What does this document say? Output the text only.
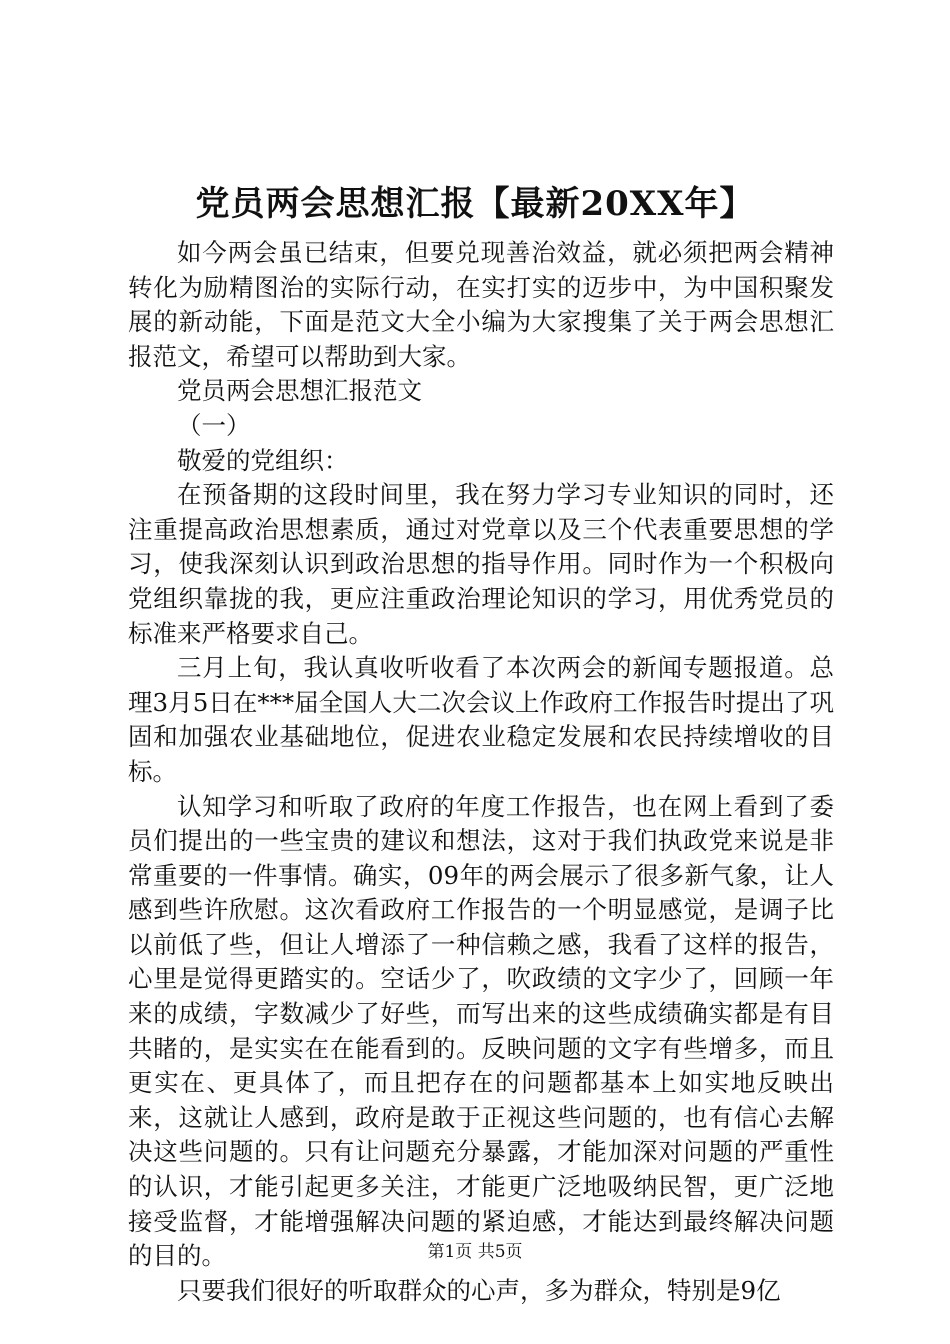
党员两会思想汇报【最新20XX年】

如今两会虽已结束，但要兑现善治效益，就必须把两会精神转化为励精图治的实际行动，在实打实的迈步中，为中国积聚发展的新动能，下面是范文大全小编为大家搜集了关于两会思想汇报范文，希望可以帮助到大家。

党员两会思想汇报范文

（一）

敬爱的党组织：

在预备期的这段时间里，我在努力学习专业知识的同时，还注重提高政治思想素质，通过对党章以及三个代表重要思想的学习，使我深刻认识到政治思想的指导作用。同时作为一个积极向党组织靠拢的我，更应注重政治理论知识的学习，用优秀党员的标准来严格要求自己。

三月上旬，我认真收听收看了本次两会的新闻专题报道。总理3月5日在***届全国人大二次会议上作政府工作报告时提出了巩固和加强农业基础地位，促进农业稳定发展和农民持续增收的目标。

认知学习和听取了政府的年度工作报告，也在网上看到了委员们提出的一些宝贵的建议和想法，这对于我们执政党来说是非常重要的一件事情。确实，09年的两会展示了很多新气象，让人感到些许欣慰。这次看政府工作报告的一个明显感觉，是调子比以前低了些，但让人增添了一种信赖之感，我看了这样的报告，心里是觉得更踏实的。空话少了，吹政绩的文字少了，回顾一年来的成绩，字数减少了好些，而写出来的这些成绩确实都是有目共睹的，是实实在在能看到的。反映问题的文字有些增多，而且更实在、更具体了，而且把存在的问题都基本上如实地反映出来，这就让人感到，政府是敢于正视这些问题的，也有信心去解决这些问题的。只有让问题充分暴露，才能加深对问题的严重性的认识，才能引起更多关注，才能更广泛地吸纳民智，更广泛地接受监督，才能增强解决问题的紧迫感，才能达到最终解决问题的目的。

只要我们很好的听取群众的心声，多为群众，特别是9亿

第1页 共5页
